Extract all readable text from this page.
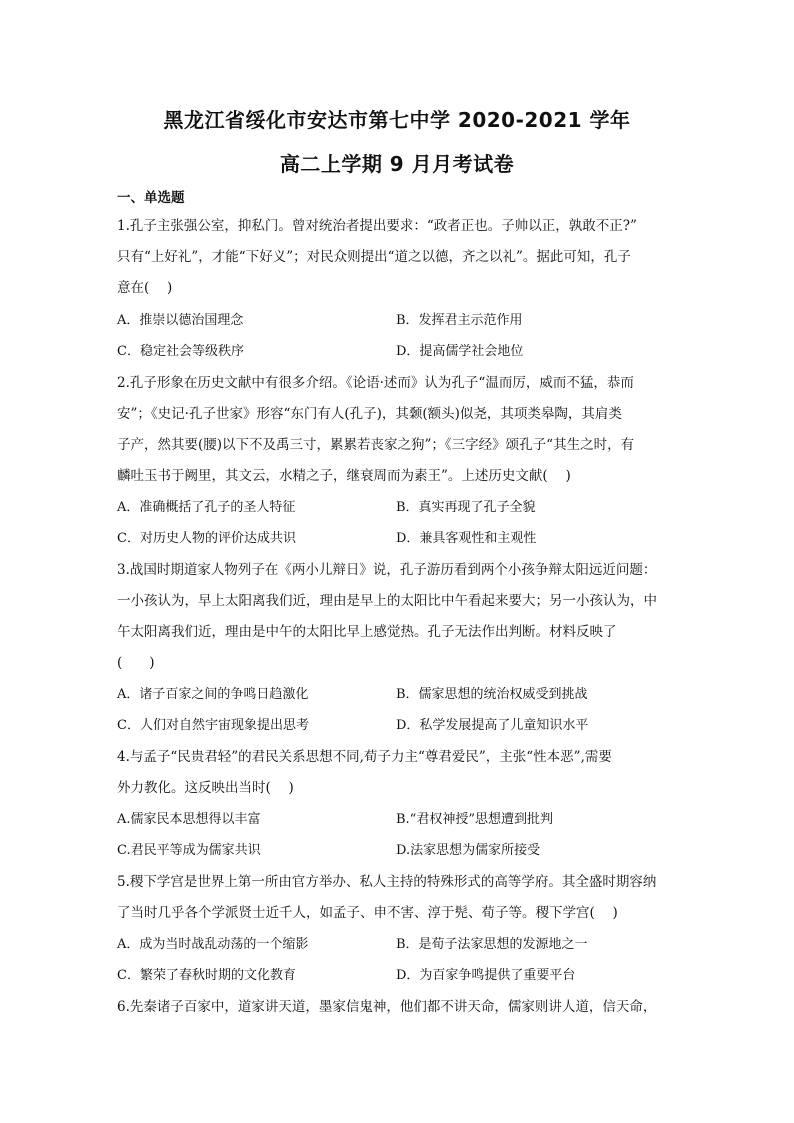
黑龙江省绥化市安达市第七中学 2020-2021 学年
高二上学期 9 月月考试卷
一、单选题
1.孔子主张强公室，抑私门。曾对统治者提出要求：“政者正也。子帅以正，孰敢不正?”
只有“上好礼”，才能“下好义”；对民众则提出“道之以德，齐之以礼”。据此可知，孔子
意在(　 )
A．推崇以德治国理念	B．发挥君主示范作用
C．稳定社会等级秩序	D．提高儒学社会地位
2.孔子形象在历史文献中有很多介绍。《论语·述而》认为孔子“温而厉，威而不猛，恭而
安”；《史记·孔子世家》形容“东门有人(孔子)，其颡(额头)似尧，其项类皋陶，其肩类
子产，然其要(腰)以下不及禹三寸，累累若丧家之狗”；《三字经》颂孔子“其生之时，有
麟吐玉书于阙里，其文云，水精之子，继衰周而为素王”。上述历史文献(　 )
A．准确概括了孔子的圣人特征	B．真实再现了孔子全貌
C．对历史人物的评价达成共识	D．兼具客观性和主观性
3.战国时期道家人物列子在《两小儿辩日》说，孔子游历看到两个小孩争辩太阳远近问题：
一小孩认为，早上太阳离我们近，理由是早上的太阳比中午看起来要大；另一小孩认为，中
午太阳离我们近，理由是中午的太阳比早上感觉热。孔子无法作出判断。材料反映了
(　　)
A．诸子百家之间的争鸣日趋激化	B．儒家思想的统治权威受到挑战
C．人们对自然宇宙现象提出思考	D．私学发展提高了儿童知识水平
4.与孟子“民贵君轻”的君民关系思想不同,荀子力主“尊君爱民”，主张“性本恶”,需要
外力教化。这反映出当时(　 )
A.儒家民本思想得以丰富	B.“君权神授”思想遭到批判
C.君民平等成为儒家共识	D.法家思想为儒家所接受
5.稷下学宫是世界上第一所由官方举办、私人主持的特殊形式的高等学府。其全盛时期容纳
了当时几乎各个学派贤士近千人，如孟子、申不害、淳于髡、荀子等。稷下学宫(　 )
A．成为当时战乱动荡的一个缩影	B．是荀子法家思想的发源地之一
C．繁荣了春秋时期的文化教育	D．为百家争鸣提供了重要平台
6.先秦诸子百家中，道家讲天道，墨家信鬼神，他们都不讲天命，儒家则讲人道，信天命，
